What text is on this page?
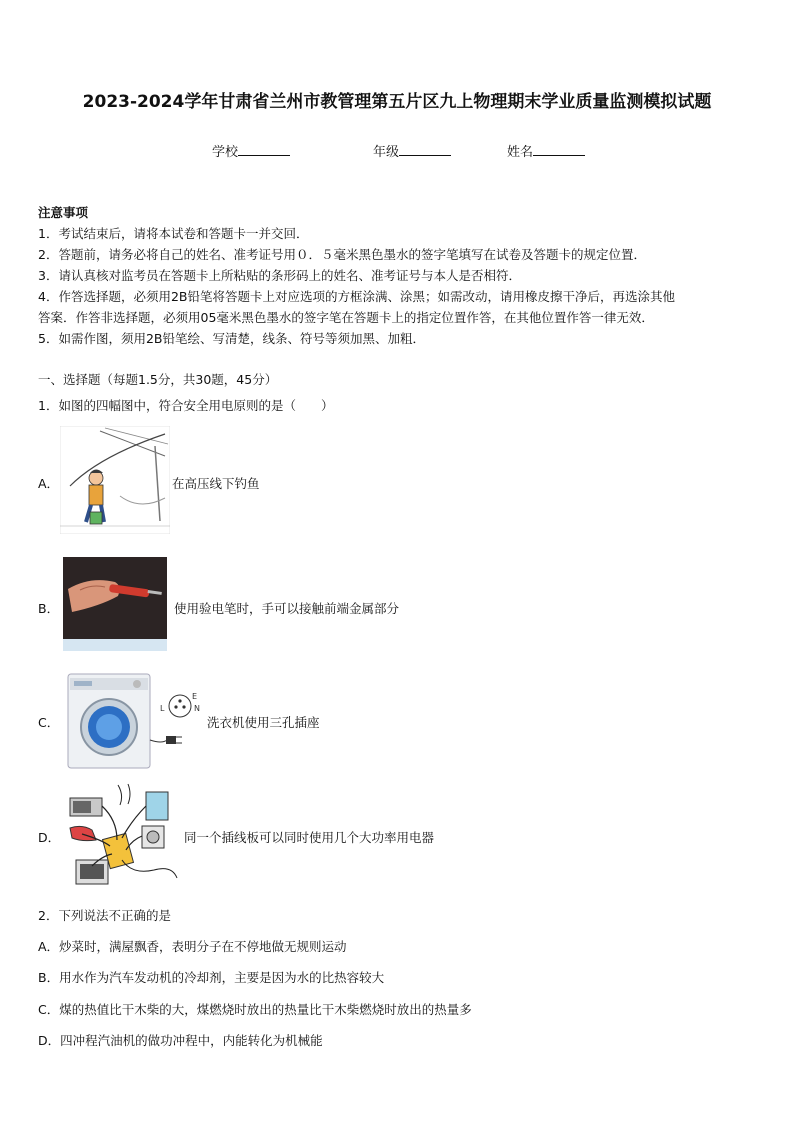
2023-2024学年甘肃省兰州市教管理第五片区九上物理期末学业质量监测模拟试题
学校	年级	姓名
注意事项
1．考试结束后，请将本试卷和答题卡一并交回．
2．答题前，请务必将自己的姓名、准考证号用０．５毫米黑色墨水的签字笔填写在试卷及答题卡的规定位置．
3．请认真核对监考员在答题卡上所粘贴的条形码上的姓名、准考证号与本人是否相符．
4．作答选择题，必须用2B铅笔将答题卡上对应选项的方框涂满、涂黑；如需改动，请用橡皮擦干净后，再选涂其他
答案．作答非选择题，必须用05毫米黑色墨水的签字笔在答题卡上的指定位置作答，在其他位置作答一律无效．
5．如需作图，须用2B铅笔绘、写清楚，线条、符号等须加黑、加粗．
一、选择题（每题1.5分，共30题，45分）
1．如图的四幅图中，符合安全用电原则的是（　　）
A．	在高压线下钓鱼
B．	使用验电笔时，手可以接触前端金属部分
C．
E
L	N
洗衣机使用三孔插座
D．	同一个插线板可以同时使用几个大功率用电器
2．下列说法不正确的是
A．炒菜时，满屋飘香，表明分子在不停地做无规则运动
B．用水作为汽车发动机的冷却剂，主要是因为水的比热容较大
C．煤的热值比干木柴的大，煤燃烧时放出的热量比干木柴燃烧时放出的热量多
D．四冲程汽油机的做功冲程中，内能转化为机械能
